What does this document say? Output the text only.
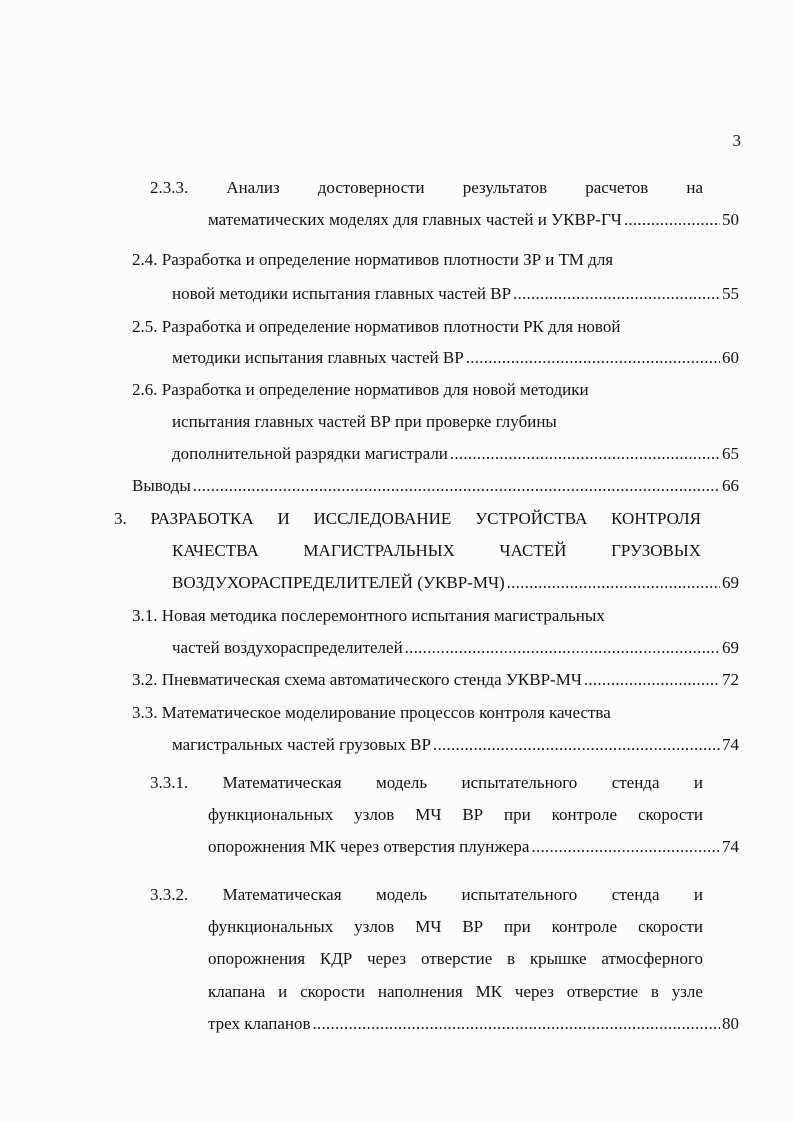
3
2.3.3. Анализ достоверности результатов расчетов на
математических моделях для главных частей и УКВР-ГЧ . . .	50
2.4. Разработка и определение нормативов плотности ЗР и ТМ для
новой методики испытания главных частей ВР . . .	55
2.5. Разработка и определение нормативов плотности РК для новой
методики испытания главных частей ВР . . .	60
2.6. Разработка и определение нормативов для новой методики
испытания главных частей ВР при проверке глубины
дополнительной разрядки магистрали . . .	65
Выводы . . .	66
3. РАЗРАБОТКА И ИССЛЕДОВАНИЕ УСТРОЙСТВА КОНТРОЛЯ
КАЧЕСТВА	МАГИСТРАЛЬНЫХ	ЧАСТЕЙ	ГРУЗОВЫХ
ВОЗДУХОРАСПРЕДЕЛИТЕЛЕЙ (УКВР-МЧ) . . .	69
3.1. Новая методика послеремонтного испытания магистральных
частей воздухораспределителей . . .	69
3.2. Пневматическая схема автоматического стенда УКВР-МЧ . . .	72
3.3. Математическое моделирование процессов контроля качества
магистральных частей грузовых ВР . . .	74
3.3.1. Математическая модель испытательного стенда и
функциональных узлов МЧ ВР при контроле скорости
опорожнения МК через отверстия плунжера . . .	74
3.3.2. Математическая модель испытательного стенда и
функциональных узлов МЧ ВР при контроле скорости
опорожнения КДР через отверстие в крышке атмосферного
клапана и скорости наполнения МК через отверстие в узле
трех клапанов . . .	80
